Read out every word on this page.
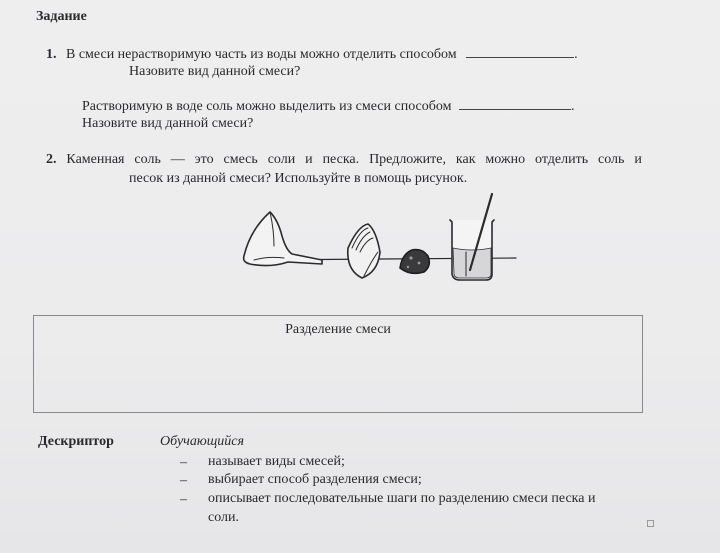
Задание
1. В смеси нерастворимую часть из воды можно отделить способом	.
Назовите вид данной смеси?
Растворимую в воде соль можно выделить из смеси способом	.
Назовите вид данной смеси?
2. Каменная соль — это смесь соли и песка. Предложите, как можно отделить соль и
песок из данной смеси? Используйте в помощь рисунок.
Разделение смеси
Дескриптор	Обучающийся
– называет виды смесей;
– выбирает способ разделения смеси;
– описывает последовательные шаги по разделению смеси песка и
соли.
